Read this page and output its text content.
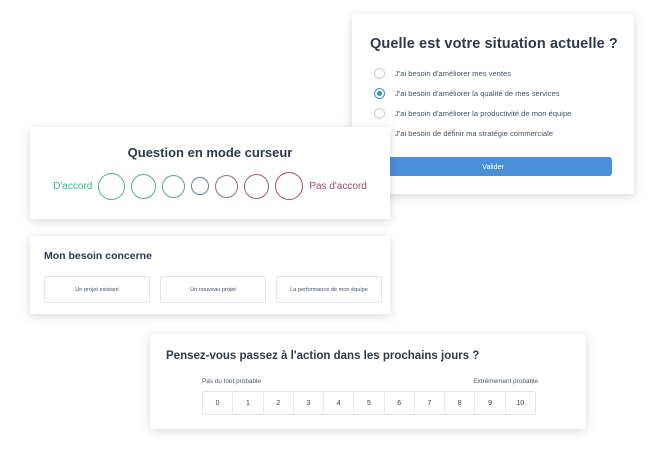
Quelle est votre situation actuelle ?
J'ai besoin d'améliorer mes ventes
J'ai besoin d'améliorer la qualité de mes services
J'ai besoin d'améliorer la productivité de mon équipe
J'ai besoin de définir ma stratégie commerciale
Valider
Question en mode curseur
D'accord	Pas d'accord
Mon besoin concerne
Un projet existant	Un nouveau projet	La performance de mon équipe
Pensez-vous passez à l'action dans les prochains jours ?
Pas du tout probable	Extrêmement probable
0	1	2	3	4	5	6	7	8	9	10
